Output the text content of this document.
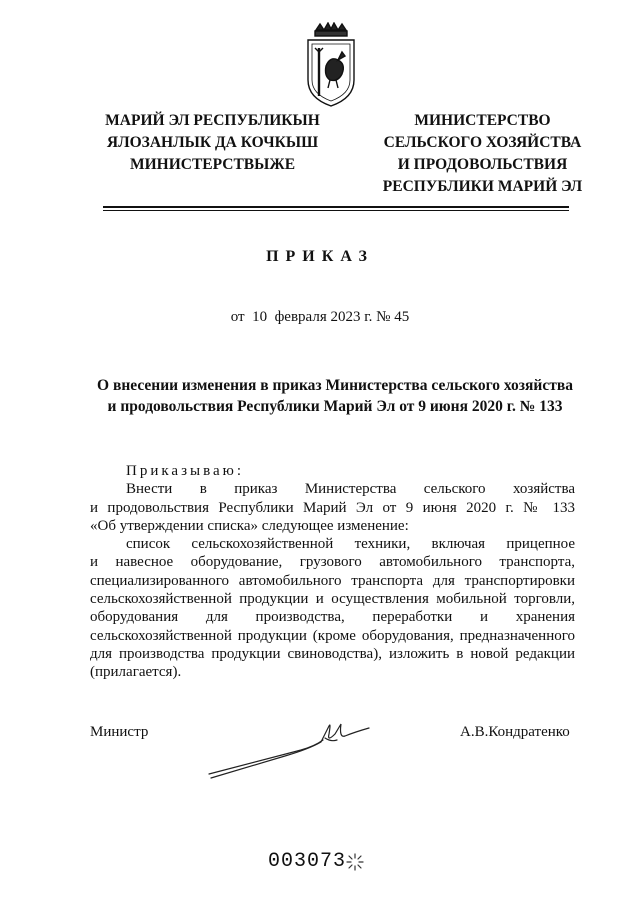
МАРИЙ ЭЛ РЕСПУБЛИКЫН
ЯЛОЗАНЛЫК ДА КОЧКЫШ
МИНИСТЕРСТВЫЖЕ
МИНИСТЕРСТВО
СЕЛЬСКОГО ХОЗЯЙСТВА
И ПРОДОВОЛЬСТВИЯ
РЕСПУБЛИКИ МАРИЙ ЭЛ
ПРИКАЗ
от  10  февраля 2023 г. № 45
О внесении изменения в приказ Министерства сельского хозяйства
и продовольствия Республики Марий Эл от 9 июня 2020 г. № 133

Приказываю:

Внести в приказ Министерства сельского хозяйства

и продовольствия Республики Марий Эл от 9 июня 2020 г. № 133

«Об утверждении списка» следующее изменение:

список сельскохозяйственной техники, включая прицепное

и навесное оборудование, грузового автомобильного транспорта,

специализированного автомобильного транспорта для транспортировки

сельскохозяйственной продукции и осуществления мобильной торговли,

оборудования для производства, переработки и хранения

сельскохозяйственной продукции (кроме оборудования, предназначенного

для производства продукции свиноводства), изложить в новой редакции

(прилагается).

Министр	А.В.Кондратенко
003073
